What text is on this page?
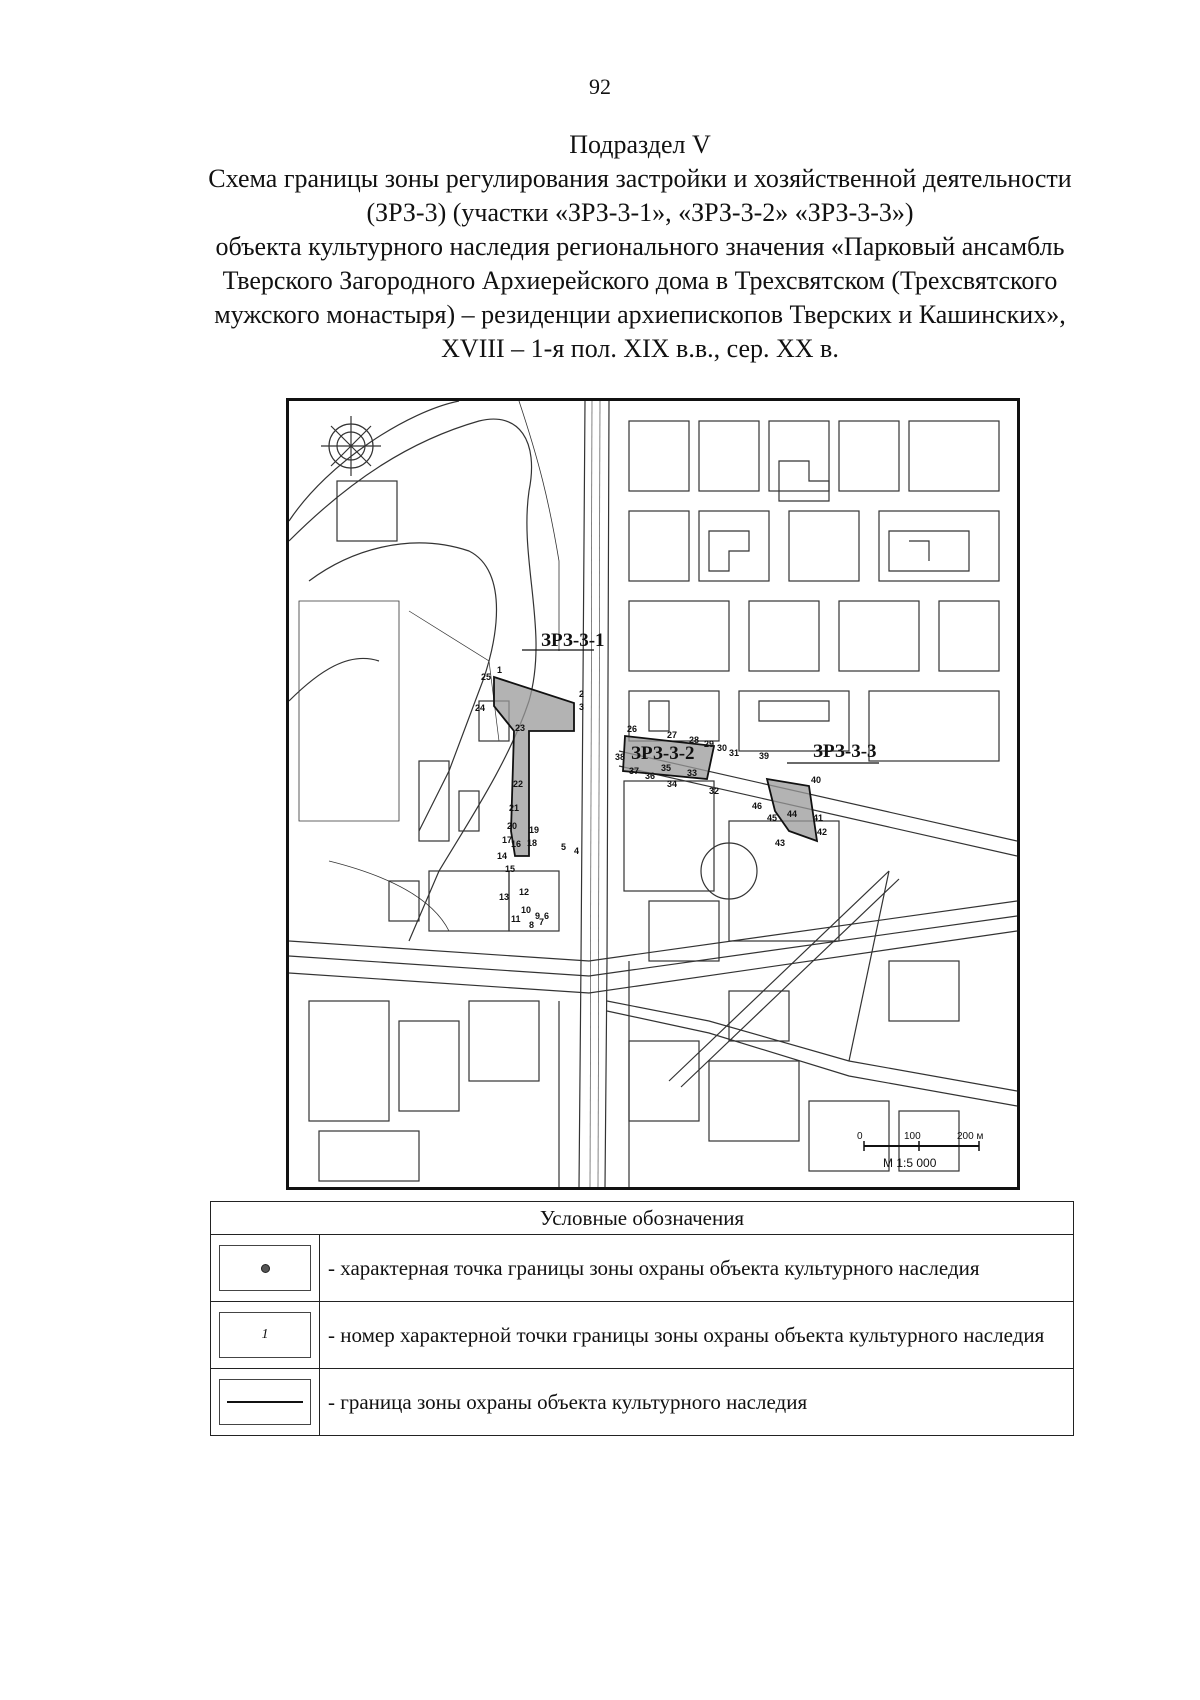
92
Подраздел V
Схема границы зоны регулирования застройки и хозяйственной деятельности
(ЗРЗ-3) (участки «ЗРЗ-3-1», «ЗРЗ-3-2» «ЗРЗ-3-3»)
объекта культурного наследия регионального значения «Парковый ансамбль
Тверского Загородного Архиерейского дома в Трехсвятском (Трехсвятского
мужского монастыря) – резиденции архиепископов Тверских и Кашинских»,
XVIII – 1-я пол. XIX в.в., сер. XX в.
ЗРЗ-3-1
ЗРЗ-3-2	ЗРЗ-3-3
1
2
3
4
5
6
7
8
9
10
11
12
13
14
15
16
17 18
19
20
21
22
23
24
25
26
27 28 29 30 31
32
33
34
35
36
37
38	39
40
41
42
43
44
45
46
0	100	200 м
М 1:5 000
Условные обозначения	

	- характерная точка границы зоны охраны объекта культурного наследия

1	- номер характерной точки границы зоны охраны объекта культурного наследия

	- граница зоны охраны объекта культурного наследия
